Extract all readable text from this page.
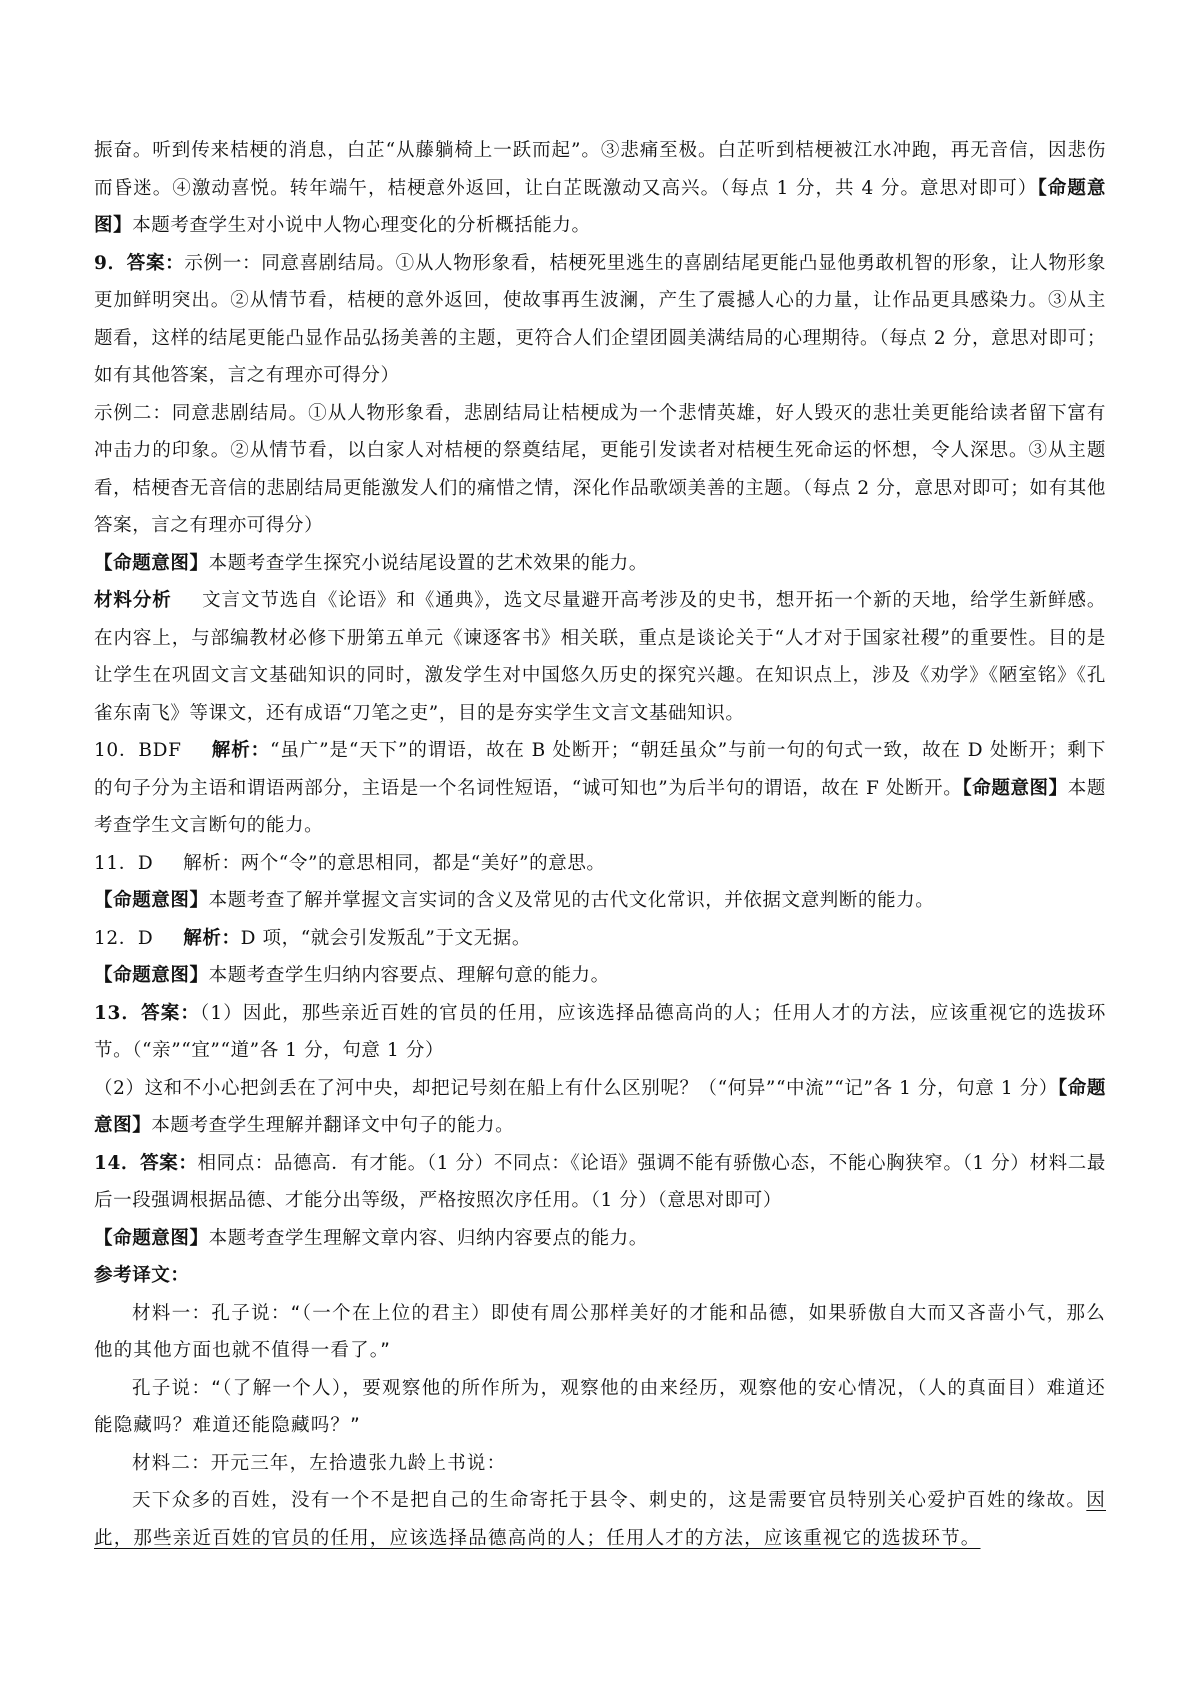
振奋。听到传来桔梗的消息，白芷“从藤躺椅上一跃而起”。③悲痛至极。白芷听到桔梗被江水冲跑，再无音信，因悲伤而昏迷。④激动喜悦。转年端午，桔梗意外返回，让白芷既激动又高兴。（每点 1 分，共 4 分。意思对即可）【命题意图】本题考查学生对小说中人物心理变化的分析概括能力。

9．答案：示例一：同意喜剧结局。①从人物形象看，桔梗死里逃生的喜剧结尾更能凸显他勇敢机智的形象，让人物形象更加鲜明突出。②从情节看，桔梗的意外返回，使故事再生波澜，产生了震撼人心的力量，让作品更具感染力。③从主题看，这样的结尾更能凸显作品弘扬美善的主题，更符合人们企望团圆美满结局的心理期待。（每点 2 分，意思对即可；如有其他答案，言之有理亦可得分）

示例二：同意悲剧结局。①从人物形象看，悲剧结局让桔梗成为一个悲情英雄，好人毁灭的悲壮美更能给读者留下富有冲击力的印象。②从情节看，以白家人对桔梗的祭奠结尾，更能引发读者对桔梗生死命运的怀想，令人深思。③从主题看，桔梗杳无音信的悲剧结局更能激发人们的痛惜之情，深化作品歌颂美善的主题。（每点 2 分，意思对即可；如有其他答案，言之有理亦可得分）

【命题意图】本题考查学生探究小说结尾设置的艺术效果的能力。

材料分析 文言文节选自《论语》和《通典》，选文尽量避开高考涉及的史书，想开拓一个新的天地，给学生新鲜感。在内容上，与部编教材必修下册第五单元《谏逐客书》相关联，重点是谈论关于“人才对于国家社稷”的重要性。目的是让学生在巩固文言文基础知识的同时，激发学生对中国悠久历史的探究兴趣。在知识点上，涉及《劝学》《陋室铭》《孔雀东南飞》等课文，还有成语“刀笔之吏”，目的是夯实学生文言文基础知识。

10．BDF 解析：“虽广”是“天下”的谓语，故在 B 处断开；“朝廷虽众”与前一句的句式一致，故在 D 处断开；剩下的句子分为主语和谓语两部分，主语是一个名词性短语，“诚可知也”为后半句的谓语，故在 F 处断开。【命题意图】本题考查学生文言断句的能力。

11．D 解析：两个“令”的意思相同，都是“美好”的意思。

【命题意图】本题考查了解并掌握文言实词的含义及常见的古代文化常识，并依据文意判断的能力。

12．D 解析：D 项，“就会引发叛乱”于文无据。

【命题意图】本题考查学生归纳内容要点、理解句意的能力。

13．答案：（1）因此，那些亲近百姓的官员的任用，应该选择品德高尚的人；任用人才的方法，应该重视它的选拔环节。（“亲”“宜”“道”各 1 分，句意 1 分）

（2）这和不小心把剑丢在了河中央，却把记号刻在船上有什么区别呢？（“何异”“中流”“记”各 1 分，句意 1 分）【命题意图】本题考查学生理解并翻译文中句子的能力。

14．答案：相同点：品德高．有才能。（1 分）不同点：《论语》强调不能有骄傲心态，不能心胸狭窄。（1 分）材料二最后一段强调根据品德、才能分出等级，严格按照次序任用。（1 分）（意思对即可）

【命题意图】本题考查学生理解文章内容、归纳内容要点的能力。

参考译文：

材料一：孔子说：“（一个在上位的君主）即使有周公那样美好的才能和品德，如果骄傲自大而又吝啬小气，那么他的其他方面也就不值得一看了。”

孔子说：“（了解一个人），要观察他的所作所为，观察他的由来经历，观察他的安心情况，（人的真面目）难道还能隐藏吗？难道还能隐藏吗？”

材料二：开元三年，左拾遗张九龄上书说：

天下众多的百姓，没有一个不是把自己的生命寄托于县令、刺史的，这是需要官员特别关心爱护百姓的缘故。因此，那些亲近百姓的官员的任用，应该选择品德高尚的人；任用人才的方法，应该重视它的选拔环节。
